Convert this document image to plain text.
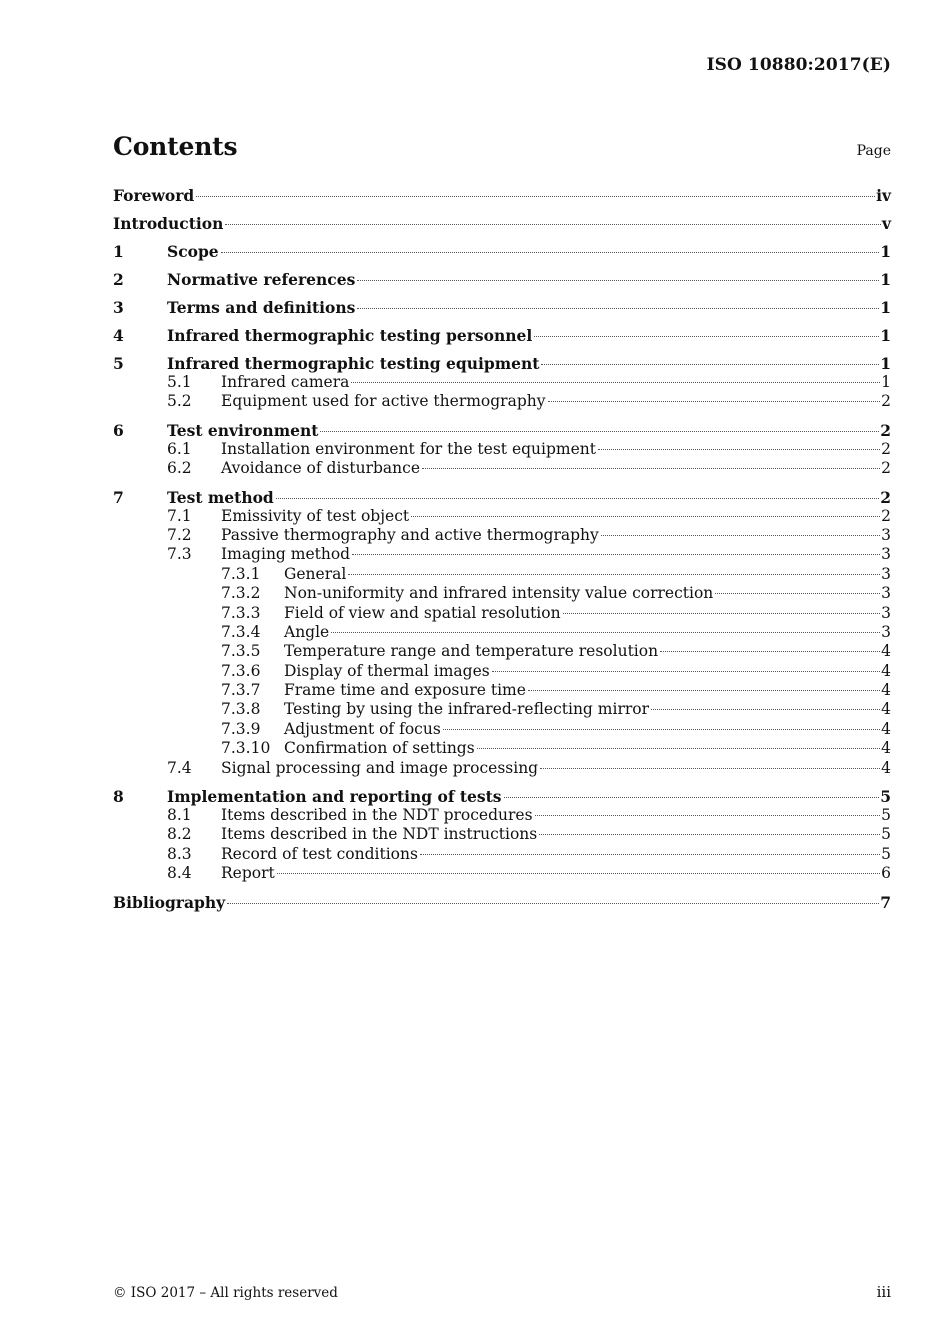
ISO 10880:2017(E)
Contents	Page
Foreword	iv
Introduction	v
1	Scope	1
2	Normative references	1
3	Terms and definitions	1
4	Infrared thermographic testing personnel	1
5	Infrared thermographic testing equipment	1
5.1	Infrared camera	1
5.2	Equipment used for active thermography	2
6	Test environment	2
6.1	Installation environment for the test equipment	2
6.2	Avoidance of disturbance	2
7	Test method	2
7.1	Emissivity of test object	2
7.2	Passive thermography and active thermography	3
7.3	Imaging method	3
7.3.1	General	3
7.3.2	Non-uniformity and infrared intensity value correction	3
7.3.3	Field of view and spatial resolution	3
7.3.4	Angle	3
7.3.5	Temperature range and temperature resolution	4
7.3.6	Display of thermal images	4
7.3.7	Frame time and exposure time	4
7.3.8	Testing by using the infrared-reflecting mirror	4
7.3.9	Adjustment of focus	4
7.3.10 Confirmation of settings	4
7.4	Signal processing and image processing	4
8	Implementation and reporting of tests	5
8.1	Items described in the NDT procedures	5
8.2	Items described in the NDT instructions	5
8.3	Record of test conditions	5
8.4	Report	6
Bibliography	7
© ISO 2017 – All rights reserved	iii
